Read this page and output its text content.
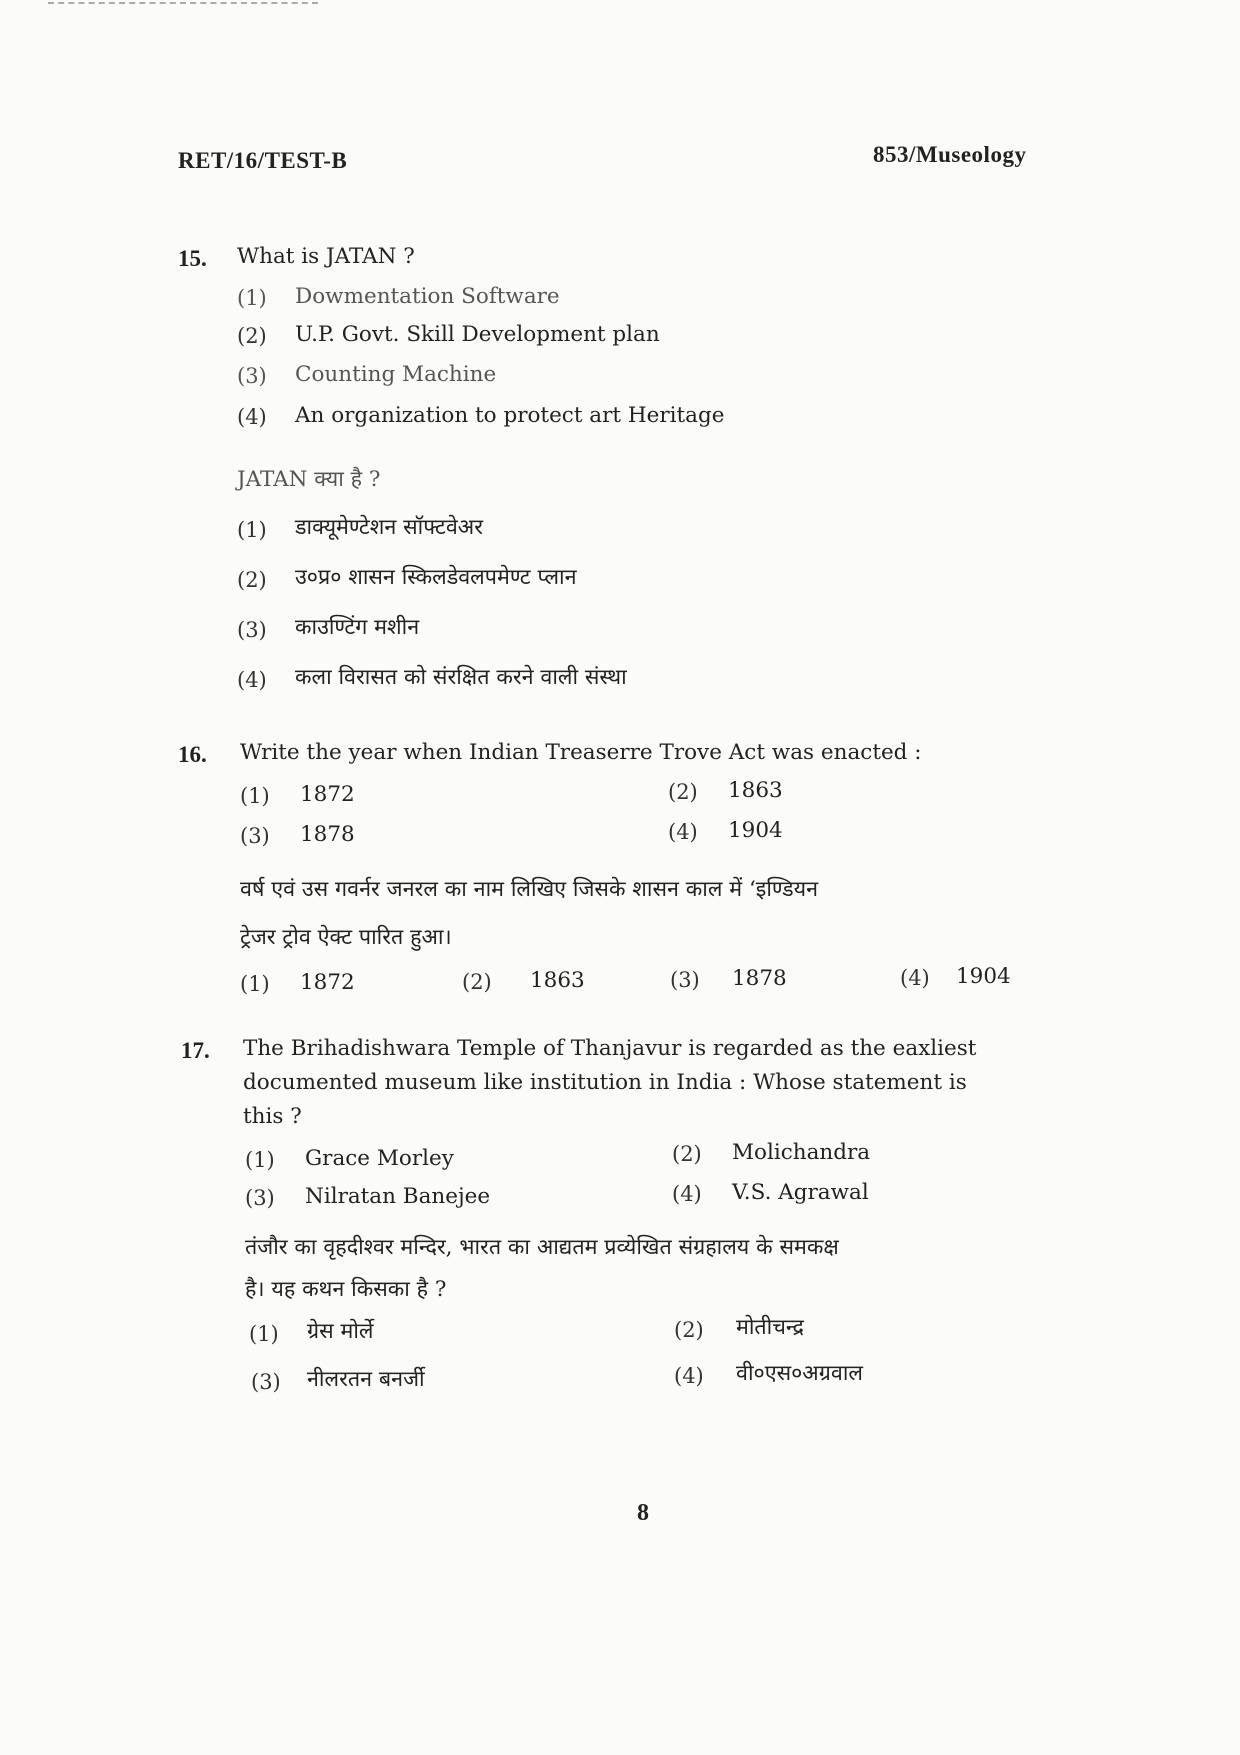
RET/16/TEST-B	853/Museology
15. What is JATAN ?
(1) Dowmentation Software
(2) U.P. Govt. Skill Development plan
(3) Counting Machine
(4) An organization to protect art Heritage
JATAN क्या है ?
(1) डाक्यूमेण्टेशन सॉफ्टवेअर
(2) उ०प्र० शासन स्किलडेवलपमेण्ट प्लान
(3) काउण्टिंग मशीन
(4) कला विरासत को संरक्षित करने वाली संस्था
16. Write the year when Indian Treaserre Trove Act was enacted :
(1) 1872	(2) 1863
(3) 1878	(4) 1904
वर्ष एवं उस गवर्नर जनरल का नाम लिखिए जिसके शासन काल में ‘इण्डियन
ट्रेजर ट्रोव ऐक्ट पारित हुआ।
(1) 1872	(2) 1863	(3) 1878	(4) 1904
17. The Brihadishwara Temple of Thanjavur is regarded as the eaxliest
documented museum like institution in India : Whose statement is
this ?
(1) Grace Morley	(2) Molichandra
(3) Nilratan Banejee	(4) V.S. Agrawal
तंजौर का वृहदीश्वर मन्दिर, भारत का आद्यतम प्रव्येखित संग्रहालय के समकक्ष
है। यह कथन किसका है ?
(1) ग्रेस मोर्ले	(2) मोतीचन्द्र
(3) नीलरतन बनर्जी	(4) वी०एस०अग्रवाल
8
